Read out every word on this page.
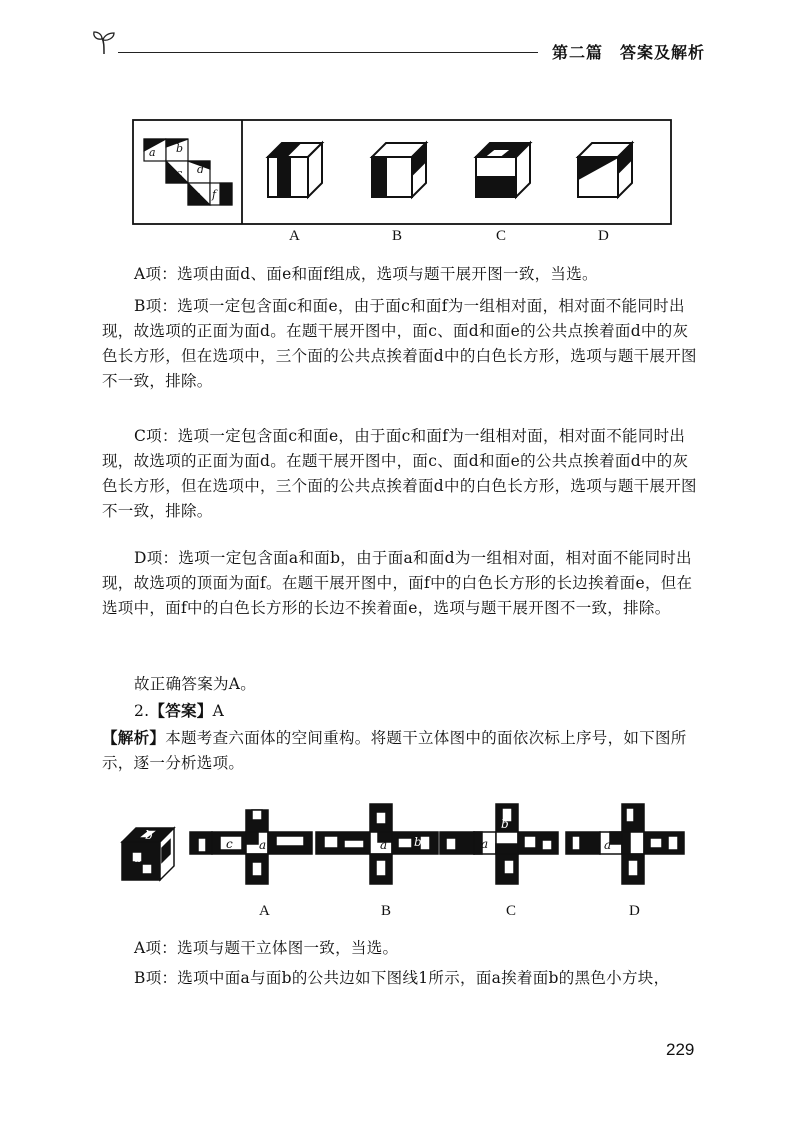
第二篇　答案及解析
a b
c d
e f
A	B	C	D
A项：选项由面d、面e和面f组成，选项与题干展开图一致，当选。
B项：选项一定包含面c和面e，由于面c和面f为一组相对面，相对面不能同时出现，故选项的正面为面d。在题干展开图中，面c、面d和面e的公共点挨着面d中的灰色长方形，但在选项中，三个面的公共点挨着面d中的白色长方形，选项与题干展开图不一致，排除。
C项：选项一定包含面c和面e，由于面c和面f为一组相对面，相对面不能同时出现，故选项的正面为面d。在题干展开图中，面c、面d和面e的公共点挨着面d中的灰色长方形，但在选项中，三个面的公共点挨着面d中的白色长方形，选项与题干展开图不一致，排除。
D项：选项一定包含面a和面b，由于面a和面d为一组相对面，相对面不能同时出现，故选项的顶面为面f。在题干展开图中，面f中的白色长方形的长边挨着面e，但在选项中，面f中的白色长方形的长边不挨着面e，选项与题干展开图不一致，排除。
故正确答案为A。
2.【答案】A
【解析】本题考查六面体的空间重构。将题干立体图中的面依次标上序号，如下图所示，逐一分析选项。
b
a
c a
b
a b
b
a	a
b
A	B	C	D
A项：选项与题干立体图一致，当选。
B项：选项中面a与面b的公共边如下图线1所示，面a挨着面b的黑色小方块，
229
